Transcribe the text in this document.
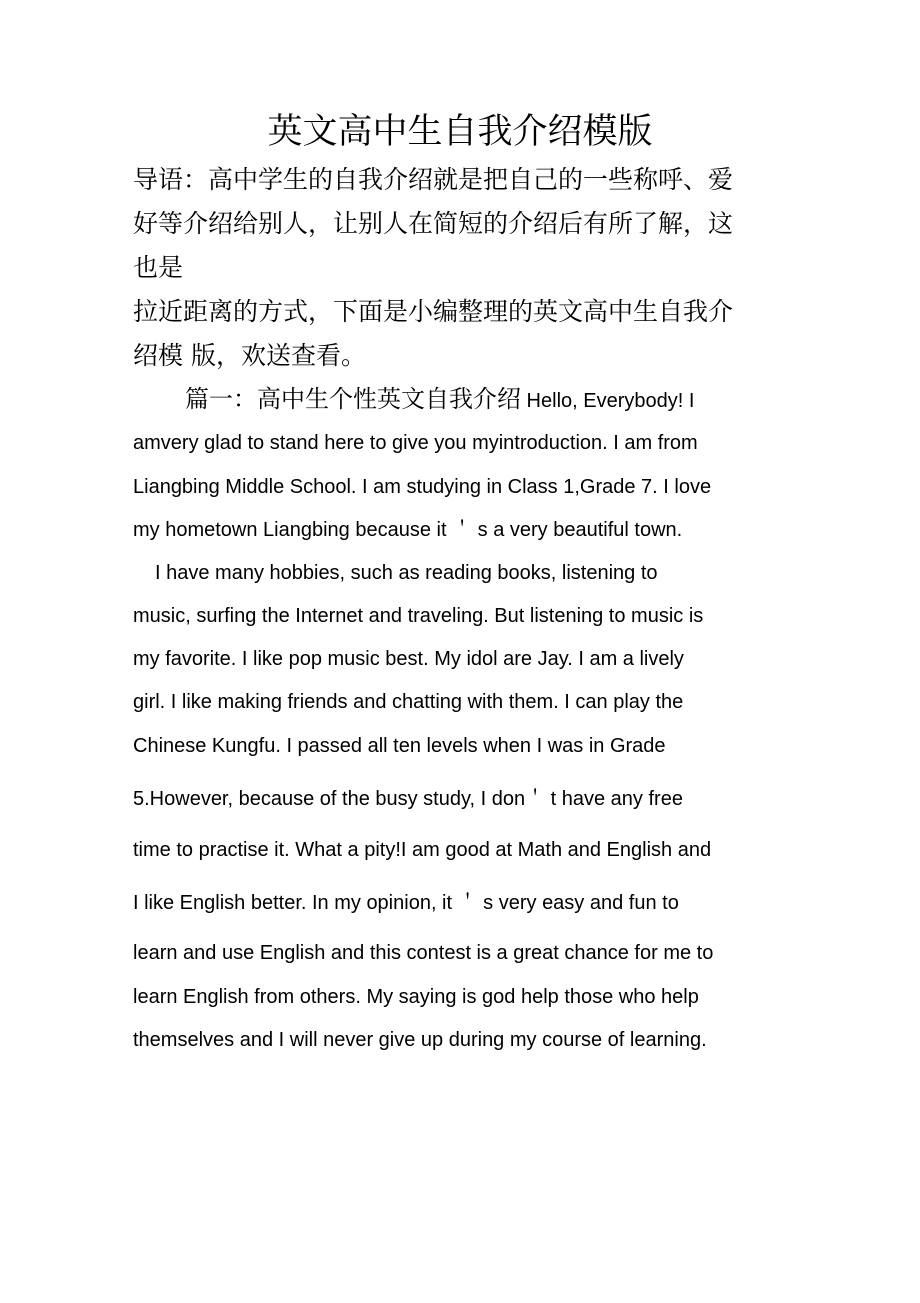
英文高中生自我介绍模版
导语：高中学生的自我介绍就是把自己的一些称呼、爱
好等介绍给别人，让别人在简短的介绍后有所了解，这
也是
拉近距离的方式，下面是小编整理的英文高中生自我介
绍模 版，欢送查看。
篇一：高中生个性英文自我介绍 Hello, Everybody! I
amvery glad to stand here to give you myintroduction. I am from
Liangbing Middle School. I am studying in Class 1,Grade 7. I love
my hometown Liangbing because it ＇ s a very beautiful town.
I have many hobbies, such as reading books, listening to
music, surfing the Internet and traveling. But listening to music is
my favorite. I like pop music best. My idol are Jay. I am a lively
girl. I like making friends and chatting with them. I can play the
Chinese Kungfu. I passed all ten levels when I was in Grade
5.However, because of the busy study, I don＇ t have any free
time to practise it. What a pity!I am good at Math and English and
I like English better. In my opinion, it ＇ s very easy and fun to
learn and use English and this contest is a great chance for me to
learn English from others. My saying is god help those who help
themselves and I will never give up during my course of learning.
